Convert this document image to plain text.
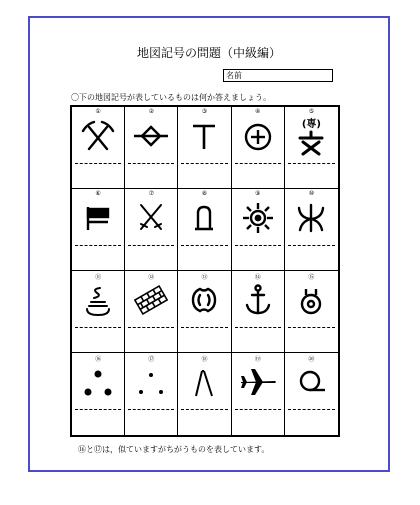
地図記号の問題（中級編）
名前
〇下の地図記号が表しているものは何か答えましょう。
①	②	③	④	⑤
(専)
⑥	⑦	⑧	⑨	⑩
⑪	⑫	⑬	⑭	⑮
⑯	⑰	⑱	⑲	⑳
⑯と⑰は，似ていますがちがうものを表しています。
